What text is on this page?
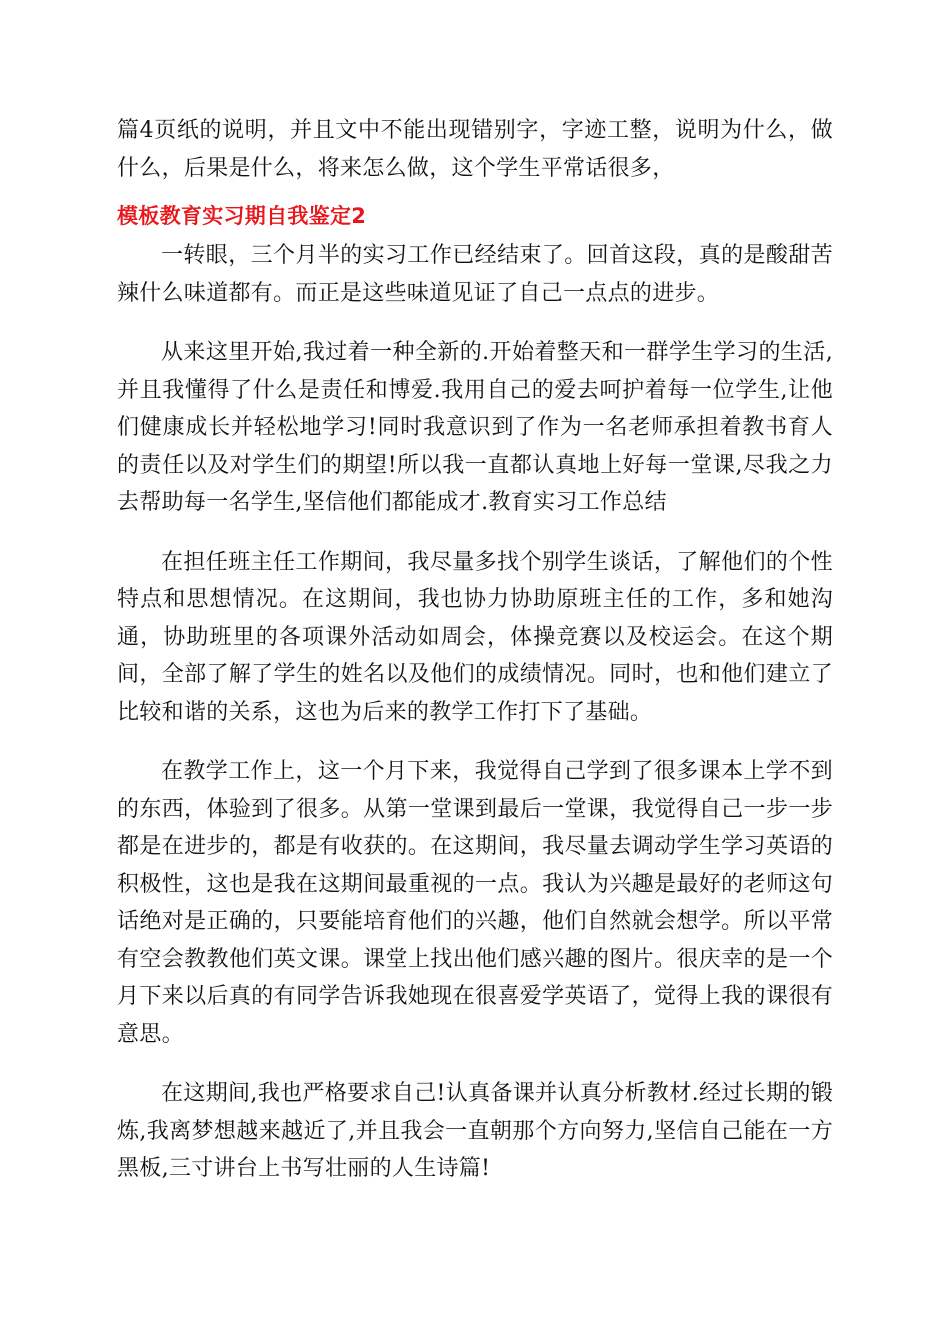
篇4页纸的说明，并且文中不能出现错别字，字迹工整，说明为什么，做什么，后果是什么，将来怎么做，这个学生平常话很多，

模板教育实习期自我鉴定2

一转眼，三个月半的实习工作已经结束了。回首这段，真的是酸甜苦辣什么味道都有。而正是这些味道见证了自己一点点的进步。

从来这里开始,我过着一种全新的.开始着整天和一群学生学习的生活,并且我懂得了什么是责任和博爱.我用自己的爱去呵护着每一位学生,让他们健康成长并轻松地学习!同时我意识到了作为一名老师承担着教书育人的责任以及对学生们的期望!所以我一直都认真地上好每一堂课,尽我之力去帮助每一名学生,坚信他们都能成才.教育实习工作总结

在担任班主任工作期间，我尽量多找个别学生谈话，了解他们的个性特点和思想情况。在这期间，我也协力协助原班主任的工作，多和她沟通，协助班里的各项课外活动如周会，体操竞赛以及校运会。在这个期间，全部了解了学生的姓名以及他们的成绩情况。同时，也和他们建立了比较和谐的关系，这也为后来的教学工作打下了基础。

在教学工作上，这一个月下来，我觉得自己学到了很多课本上学不到的东西，体验到了很多。从第一堂课到最后一堂课，我觉得自己一步一步都是在进步的，都是有收获的。在这期间，我尽量去调动学生学习英语的积极性，这也是我在这期间最重视的一点。我认为兴趣是最好的老师这句话绝对是正确的，只要能培育他们的兴趣，他们自然就会想学。所以平常有空会教教他们英文课。课堂上找出他们感兴趣的图片。很庆幸的是一个月下来以后真的有同学告诉我她现在很喜爱学英语了，觉得上我的课很有意思。

在这期间,我也严格要求自己!认真备课并认真分析教材.经过长期的锻炼,我离梦想越来越近了,并且我会一直朝那个方向努力,坚信自己能在一方黑板,三寸讲台上书写壮丽的人生诗篇!
